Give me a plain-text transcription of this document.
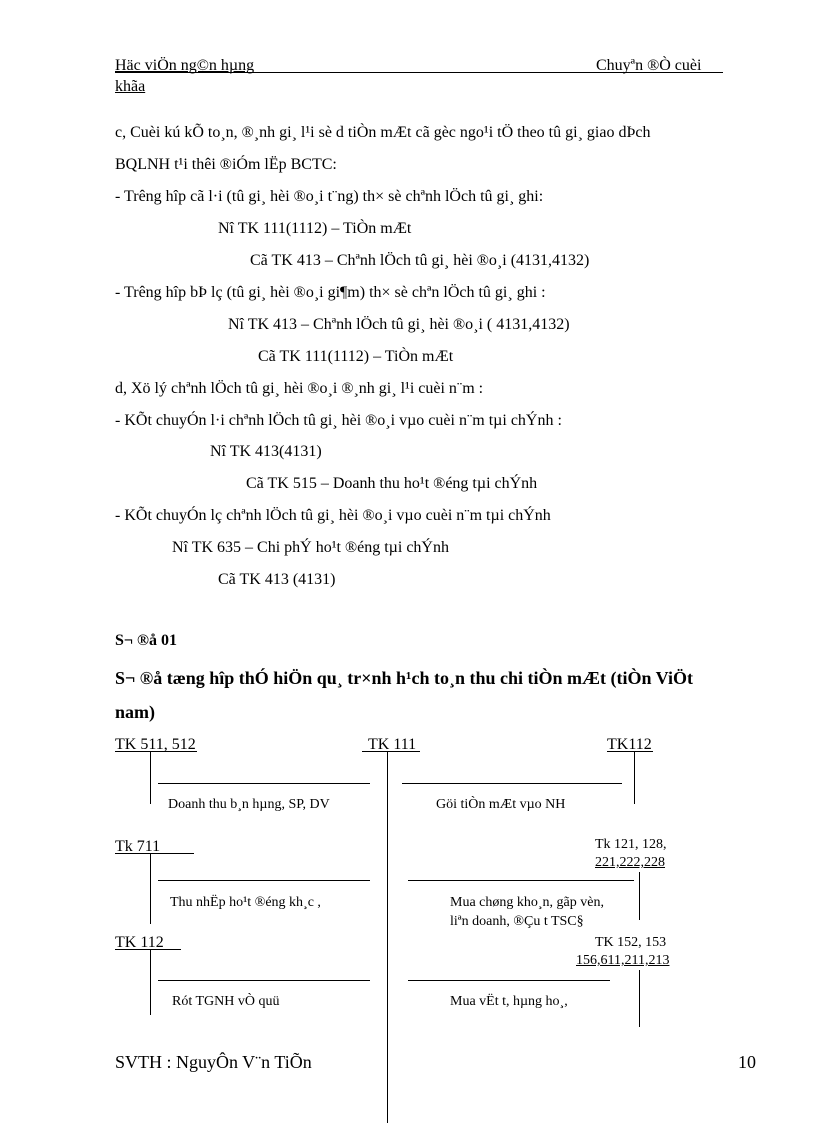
Häc viÖn ng©n hµng	Chuyªn ®Ò cuèi
khãa
c, Cuèi kú kÕ to¸n, ®¸nh gi¸ l¹i sè d tiÒn mÆt cã gèc ngo¹i tÖ theo tû gi¸ giao dÞch
BQLNH t¹i thêi ®iÓm lËp BCTC:
- Trêng hîp cã l·i (tû gi¸ hèi ®o¸i t¨ng) th× sè chªnh lÖch tû gi¸ ghi:
Nî TK 111(1112) – TiÒn mÆt
Cã TK 413 – Chªnh lÖch tû gi¸ hèi ®o¸i (4131,4132)
- Trêng hîp bÞ lç (tû gi¸ hèi ®o¸i gi¶m) th× sè chªn lÖch tû gi¸ ghi :
Nî TK 413 – Chªnh lÖch tû gi¸ hèi ®o¸i ( 4131,4132)
Cã TK 111(1112) – TiÒn mÆt
d, Xö lý chªnh lÖch tû gi¸ hèi ®o¸i ®¸nh gi¸ l¹i cuèi n¨m :
- KÕt chuyÓn l·i chªnh lÖch tû gi¸ hèi ®o¸i vµo cuèi n¨m tµi chÝnh :
Nî TK 413(4131)
Cã TK 515 – Doanh thu ho¹t ®éng tµi chÝnh
- KÕt chuyÓn lç chªnh lÖch tû gi¸ hèi ®o¸i vµo cuèi n¨m tµi chÝnh
Nî TK 635 – Chi phÝ ho¹t ®éng tµi chÝnh
Cã TK 413 (4131)
S¬ ®å 01
S¬ ®å tæng hîp thÓ hiÖn qu¸ tr×nh h¹ch to¸n thu chi tiÒn mÆt (tiÒn ViÖt
nam)
TK 511, 512	TK 111	TK112
Doanh thu b¸n hµng, SP, DV	Göi tiÒn mÆt vµo NH
Tk 711
Thu nhËp ho¹t ®éng kh¸c ,
Tk 121, 128,
221,222,228
Mua chøng kho¸n, gãp vèn,
liªn doanh, ®Çu t TSC§
TK 112
Rót TGNH vÒ quü
TK 152, 153
156,611,211,213
Mua vËt t, hµng ho¸,
SVTH : NguyÔn V¨n TiÕn	10
